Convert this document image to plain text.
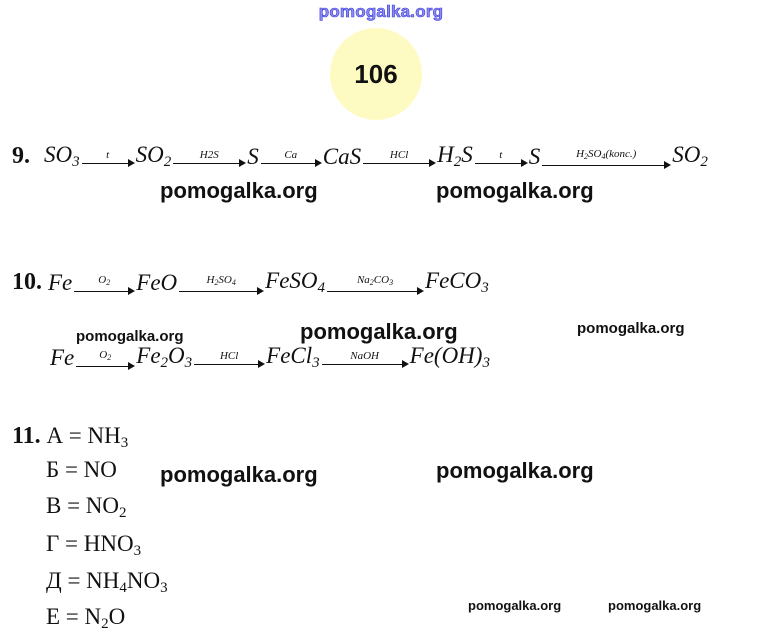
pomogalka.org
106
9. $SO_3$	t	$SO_2$	H2S	S	Ca	CaS	HCl	$H_2S$	t	S	$H_2SO_4(konc.)$	$SO_2$
pomogalka.org	pomogalka.org
10. Fe	$O_2$	FeO	$H_2SO_4$	FeSO$_4$
$Na_2CO_3$	FeCO$_3$
pomogalka.org	pomogalka.org	pomogalka.org
Fe	$O_2$	$Fe_2O_3$	HCl	FeCl$_3$	NaOH	$Fe(OH)_3$
11. $А = NH_3$
Б = NO
$В = NO_2$
$Г = HNO_3$
$Д = NH_4NO_3$
$Е = N_2O$
pomogalka.org	pomogalka.org
pomogalka.org	pomogalka.org
